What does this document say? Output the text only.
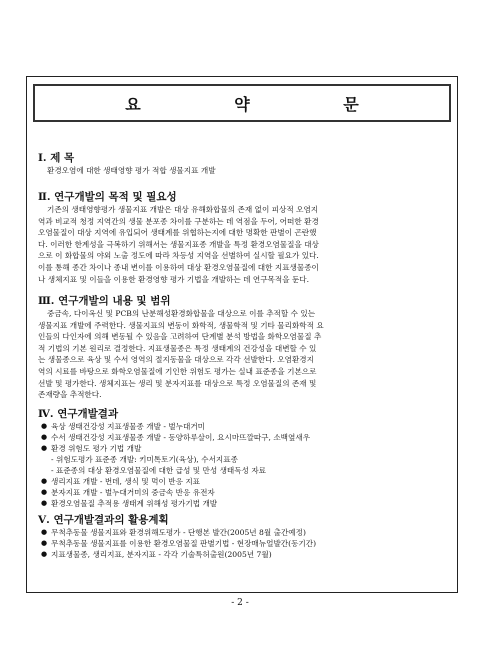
요 약 문
Ⅰ. 제 목
환경오염에 대한 생태영향 평가 적합 생물지표 개발
Ⅱ. 연구개발의 목적 및 필요성
기존의 생태영향평가 생물지표 개발은 대상 유해화합물의 존재 없이 피상적 오염지
역과 비교적 청정 지역간의 생물 분포종 차이를 구분하는 데 역점을 두어, 어떠한 환경
오염물질이 대상 지역에 유입되어 생태계를 위협하는지에 대한 명확한 판별이 곤란했
다. 이러한 한계성을 극복하기 위해서는 생물지표종 개발을 특정 환경오염물질을 대상
으로 이 화합물의 야외 노출 정도에 따라 차등성 지역을 선별하여 실시할 필요가 있다.
이를 통해 종간 차이나 종내 변이를 이용하여 대상 환경오염물질에 대한 지표생물종이
나 생체지표 및 이들을 이용한 환경영향 평가 기법을 개발하는 데 연구목적을 둔다.
Ⅲ. 연구개발의 내용 및 범위
중금속, 다이옥신 및 PCB의 난분해성환경화합물을 대상으로 이를 추적할 수 있는
생물지표 개발에 주력한다. 생물지표의 변동이 화학적, 생물학적 및 기타 물리화학적 요
인들의 다인자에 의해 변동될 수 있음을 고려하여 단계별 분석 방법을 화학오염물질 추
적 기법의 기본 원리로 결정한다. 지표생물종은 특정 생태계의 건강성을 대변할 수 있
는 생물종으로 육상 및 수서 영역의 절지동물을 대상으로 각각 선발한다. 오염환경지
역의 시료를 바탕으로 화학오염물질에 기인한 위험도 평가는 실내 표준종을 기본으로
선발 및 평가한다. 생체지표는 생리 및 분자지표를 대상으로 특정 오염물질의 존재 및
존재량을 추적한다.
Ⅳ. 연구개발결과
● 육상 생태건강성 지표생물종 개발 - 벌누대거미
● 수서 생태건강성 지표생물종 개발 - 동양하루살이, 요시마뜨깔따구, 소백옆새우
● 환경 위험도 평가 기법 개발
- 위험도평가 표준종 개발: 키미톡토기(육상), 수서지표종
- 표준종의 대상 환경오염물질에 대한 급성 및 만성 생태독성 자료
● 생리지표 개발 - 번데, 생식 및 먹이 반응 지표
● 분자지표 개발 - 벌누대거미의 중금속 반응 유전자
● 환경오염물질 추적용 생태계 위해성 평가기법 개발
Ⅴ. 연구개발결과의 활용계획
● 무척추동물 생물지표와 환경위해도평가 - 단행본 발간(2005년 8월 출간예정)
● 무척추동물 생물지표를 이용한 환경오염물질 판별기법 - 현장매뉴얼발간(동기간)
● 지표생물종, 생리지표, 분자지표 - 각각 기술특허출원(2005년 7월)
- 2 -
